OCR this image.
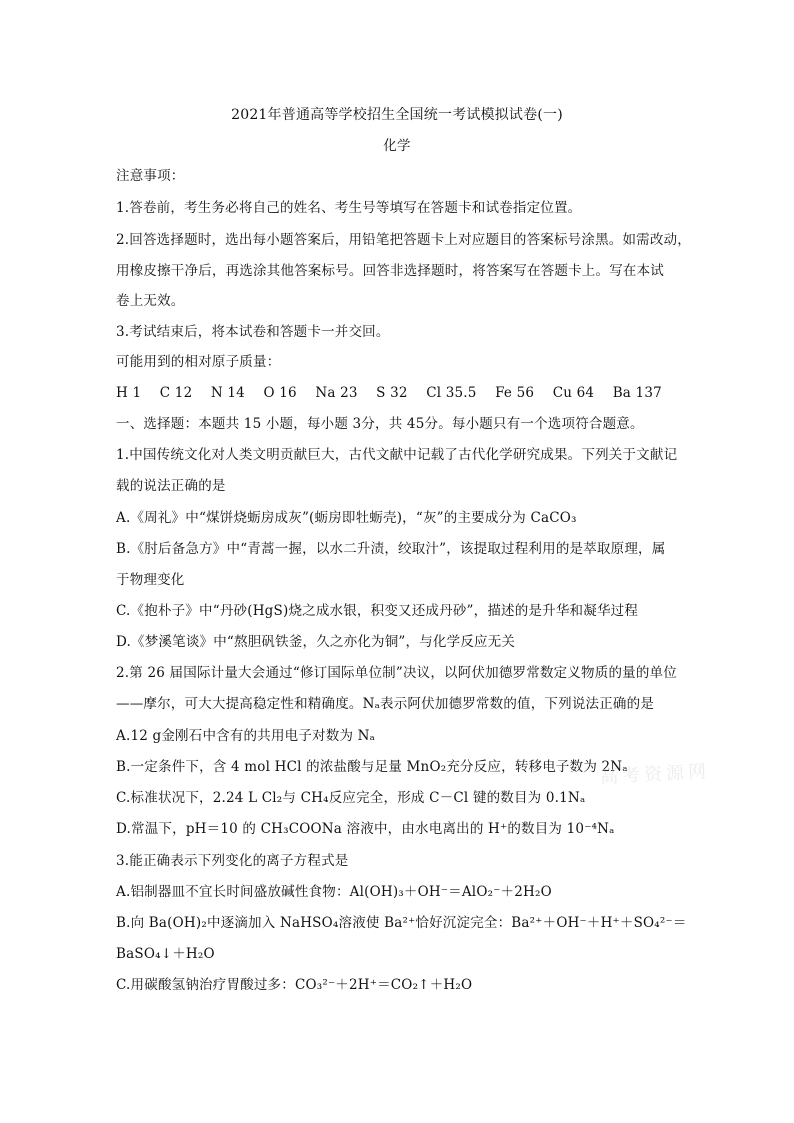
2021年普通高等学校招生全国统一考试模拟试卷(一)
化学
注意事项：
1.答卷前，考生务必将自己的姓名、考生号等填写在答题卡和试卷指定位置。
2.回答选择题时，选出每小题答案后，用铅笔把答题卡上对应题目的答案标号涂黑。如需改动，
用橡皮擦干净后，再选涂其他答案标号。回答非选择题时，将答案写在答题卡上。写在本试
卷上无效。
3.考试结束后，将本试卷和答题卡一并交回。
可能用到的相对原子质量：
H 1 C 12 N 14 O 16 Na 23 S 32 Cl 35.5 Fe 56 Cu 64 Ba 137
一、选择题：本题共 15 小题，每小题 3分，共 45分。每小题只有一个选项符合题意。
1.中国传统文化对人类文明贡献巨大，古代文献中记载了古代化学研究成果。下列关于文献记
载的说法正确的是
A.《周礼》中“煤饼烧蛎房成灰”(蛎房即牡蛎壳)，“灰”的主要成分为 CaCO₃
B.《肘后备急方》中“青蒿一握，以水二升渍，绞取汁”，该提取过程利用的是萃取原理，属
于物理变化
C.《抱朴子》中“丹砂(HgS)烧之成水银，积变又还成丹砂”，描述的是升华和凝华过程
D.《梦溪笔谈》中“熬胆矾铁釜，久之亦化为铜”，与化学反应无关
2.第 26 届国际计量大会通过“修订国际单位制”决议，以阿伏加德罗常数定义物质的量的单位
——摩尔，可大大提高稳定性和精确度。Nₐ表示阿伏加德罗常数的值，下列说法正确的是
A.12 g金刚石中含有的共用电子对数为 Nₐ
B.一定条件下，含 4 mol HCl 的浓盐酸与足量 MnO₂充分反应，转移电子数为 2Nₐ
C.标准状况下，2.24 L Cl₂与 CH₄反应完全，形成 C－Cl 键的数目为 0.1Nₐ
D.常温下，pH＝10 的 CH₃COONa 溶液中，由水电离出的 H⁺的数目为 10⁻⁴Nₐ
3.能正确表示下列变化的离子方程式是
A.铝制器皿不宜长时间盛放碱性食物：Al(OH)₃＋OH⁻＝AlO₂⁻＋2H₂O
B.向 Ba(OH)₂中逐滴加入 NaHSO₄溶液使 Ba²⁺恰好沉淀完全：Ba²⁺＋OH⁻＋H⁺＋SO₄²⁻＝
BaSO₄↓＋H₂O
C.用碳酸氢钠治疗胃酸过多：CO₃²⁻＋2H⁺＝CO₂↑＋H₂O
高考资源网
